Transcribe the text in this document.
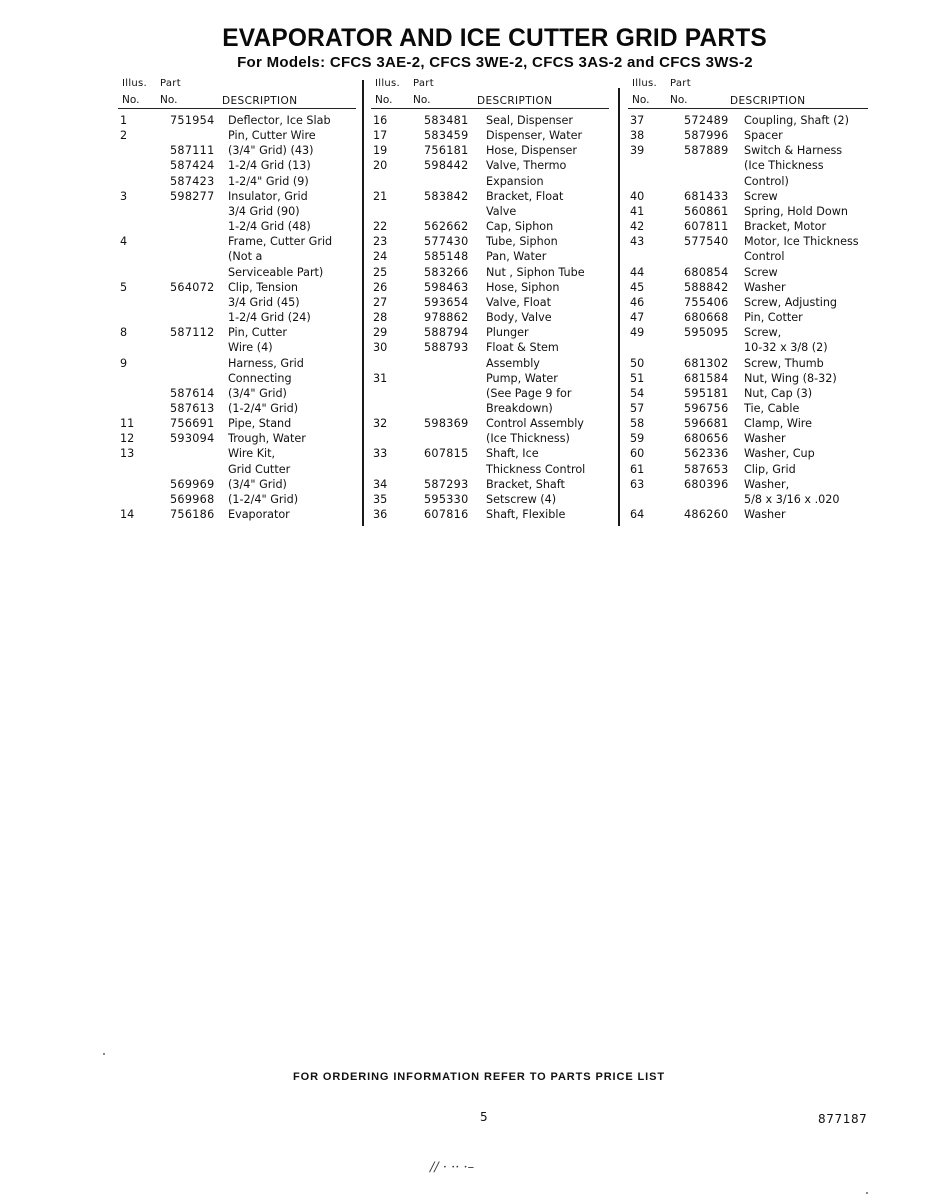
EVAPORATOR AND ICE CUTTER GRID PARTS
For Models: CFCS 3AE-2, CFCS 3WE-2, CFCS 3AS-2 and CFCS 3WS-2
Illus. Part
No. No.	DESCRIPTION
1	751954 Deflector, Ice Slab
2	Pin, Cutter Wire
587111 (3/4" Grid) (43)
587424 1-2/4 Grid (13)
587423 1-2/4" Grid (9)
3	598277 Insulator, Grid
3/4 Grid (90)
1-2/4 Grid (48)
4	Frame, Cutter Grid
(Not a
Serviceable Part)
5	564072 Clip, Tension
3/4 Grid (45)
1-2/4 Grid (24)
8	587112 Pin, Cutter
Wire (4)
9	Harness, Grid
Connecting
587614 (3/4" Grid)
587613 (1-2/4" Grid)
11	756691 Pipe, Stand
12	593094 Trough, Water
13	Wire Kit,
Grid Cutter
569969 (3/4" Grid)
569968 (1-2/4" Grid)
14	756186 Evaporator
Illus. Part
No. No.	DESCRIPTION
16	583481 Seal, Dispenser
17	583459 Dispenser, Water
19	756181 Hose, Dispenser
20	598442 Valve, Thermo
Expansion
21	583842 Bracket, Float
Valve
22	562662 Cap, Siphon
23	577430 Tube, Siphon
24	585148 Pan, Water
25	583266 Nut , Siphon Tube
26	598463 Hose, Siphon
27	593654 Valve, Float
28	978862 Body, Valve
29	588794 Plunger
30	588793 Float & Stem
Assembly
31	Pump, Water
(See Page 9 for
Breakdown)
32	598369 Control Assembly
(Ice Thickness)
33	607815 Shaft, Ice
Thickness Control
34	587293 Bracket, Shaft
35	595330 Setscrew (4)
36	607816 Shaft, Flexible
Illus. Part
No. No.	DESCRIPTION
37	572489 Coupling, Shaft (2)
38	587996 Spacer
39	587889 Switch & Harness
(Ice Thickness
Control)
40	681433 Screw
41	560861 Spring, Hold Down
42	607811 Bracket, Motor
43	577540 Motor, Ice Thickness
Control
44	680854 Screw
45	588842 Washer
46	755406 Screw, Adjusting
47	680668 Pin, Cotter
49	595095 Screw,
10-32 x 3/8 (2)
50	681302 Screw, Thumb
51	681584 Nut, Wing (8-32)
54	595181 Nut, Cap (3)
57	596756 Tie, Cable
58	596681 Clamp, Wire
59	680656 Washer
60	562336 Washer, Cup
61	587653 Clip, Grid
63	680396 Washer,
5/8 x 3/16 x .020
64	486260 Washer
FOR ORDERING INFORMATION REFER TO PARTS PRICE LIST
5	877187
// · ·· ·–
